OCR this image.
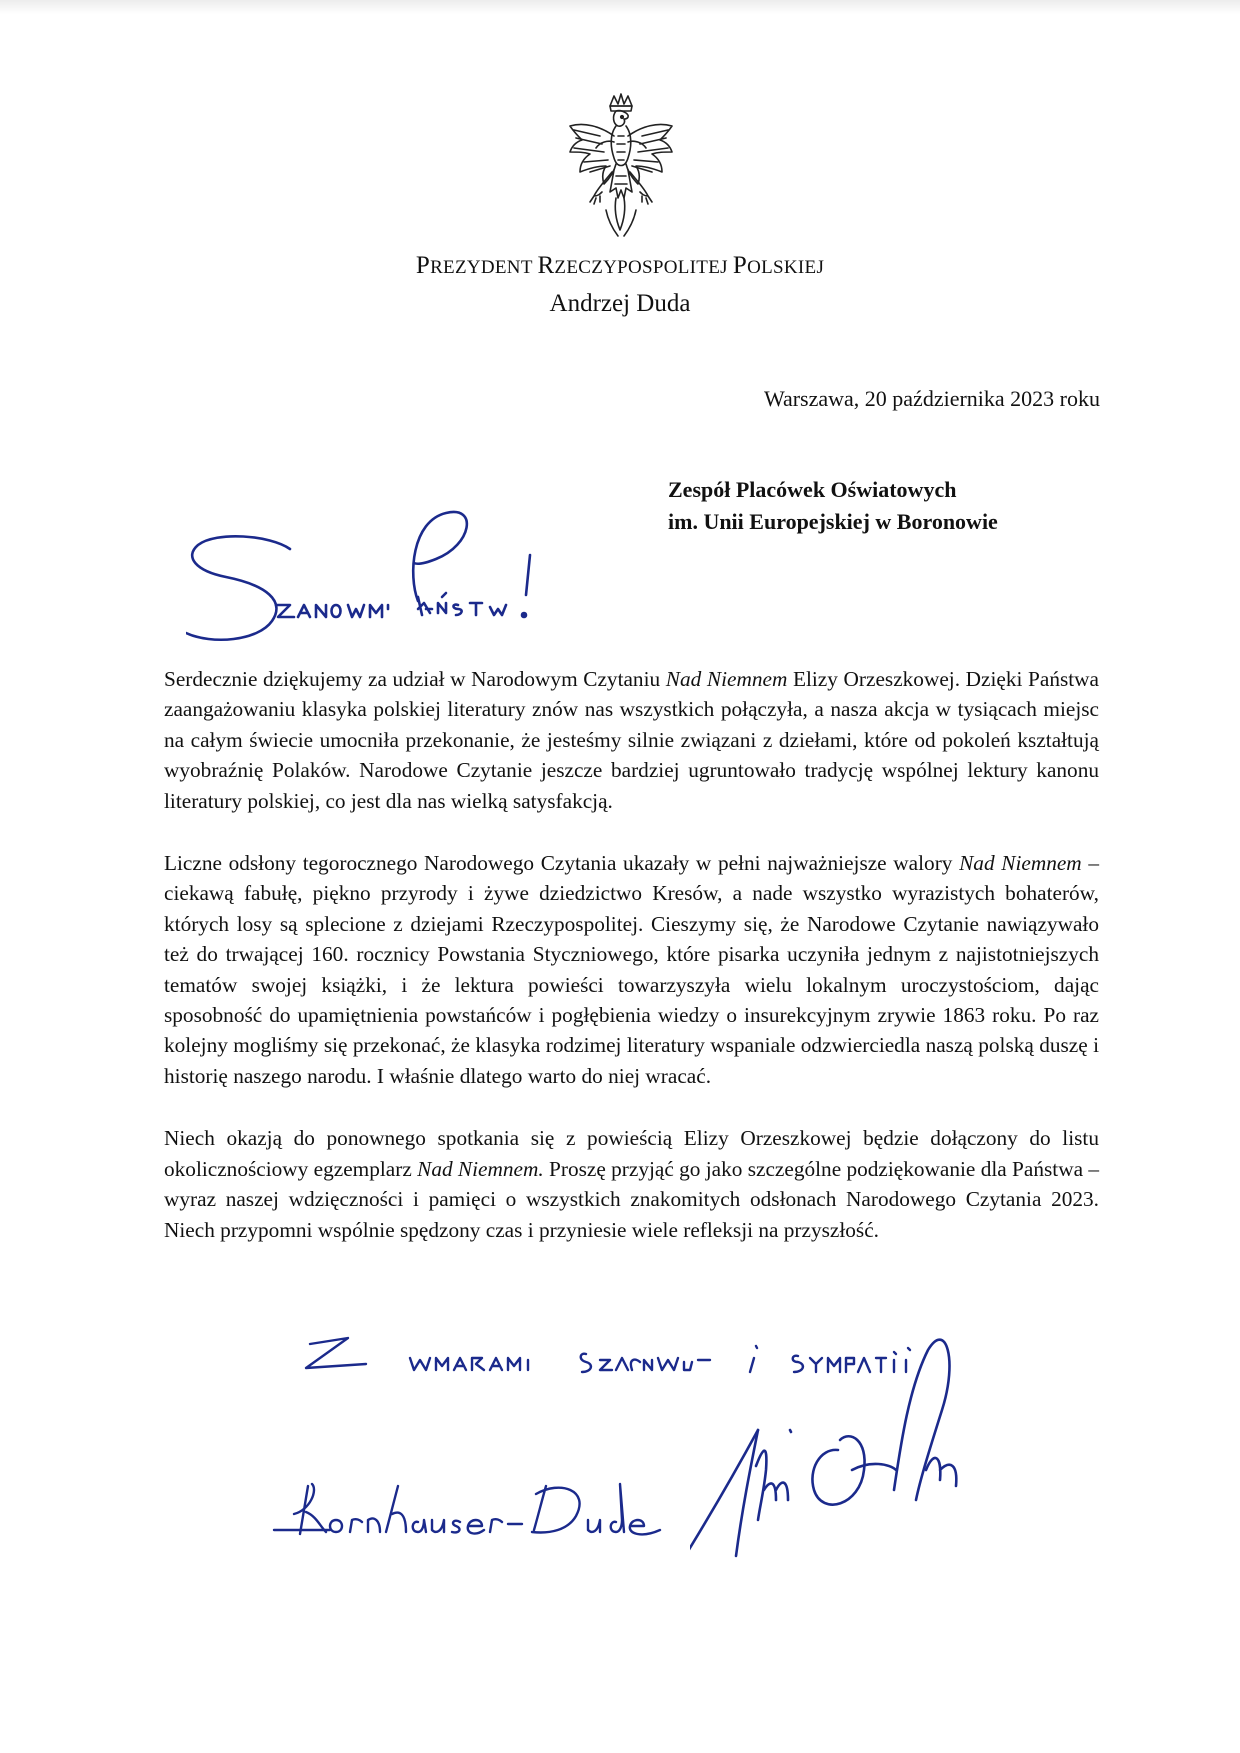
PREZYDENT RZECZYPOSPOLITEJ POLSKIEJ
Andrzej Duda
Warszawa, 20 października 2023 roku
Zespół Placówek Oświatowych
im. Unii Europejskiej w Boronowie

Serdecznie dziękujemy za udział w Narodowym Czytaniu Nad Niemnem Elizy Orzeszkowej. Dzięki Państwa zaangażowaniu klasyka polskiej literatury znów nas wszystkich połączyła, a nasza akcja w tysiącach miejsc na całym świecie umocniła przekonanie, że jesteśmy silnie związani z dziełami, które od pokoleń kształtują wyobraźnię Polaków. Narodowe Czytanie jeszcze bardziej ugruntowało tradycję wspólnej lektury kanonu literatury polskiej, co jest dla nas wielką satysfakcją.

Liczne odsłony tegorocznego Narodowego Czytania ukazały w pełni najważniejsze walory Nad Niemnem – ciekawą fabułę, piękno przyrody i żywe dziedzictwo Kresów, a nade wszystko wyrazistych bohaterów, których losy są splecione z dziejami Rzeczypospolitej. Cieszymy się, że Narodowe Czytanie nawiązywało też do trwającej 160. rocznicy Powstania Styczniowego, które pisarka uczyniła jednym z najistotniejszych tematów swojej książki, i że lektura powieści towarzyszyła wielu lokalnym uroczystościom, dając sposobność do upamiętnienia powstańców i pogłębienia wiedzy o insurekcyjnym zrywie 1863 roku. Po raz kolejny mogliśmy się przekonać, że klasyka rodzimej literatury wspaniale odzwierciedla naszą polską duszę i historię naszego narodu. I właśnie dlatego warto do niej wracać.

Niech okazją do ponownego spotkania się z powieścią Elizy Orzeszkowej będzie dołączony do listu okolicznościowy egzemplarz Nad Niemnem. Proszę przyjąć go jako szczególne podziękowanie dla Państwa – wyraz naszej wdzięczności i pamięci o wszystkich znakomitych odsłonach Narodowego Czytania 2023. Niech przypomni wspólnie spędzony czas i przyniesie wiele refleksji na przyszłość.
